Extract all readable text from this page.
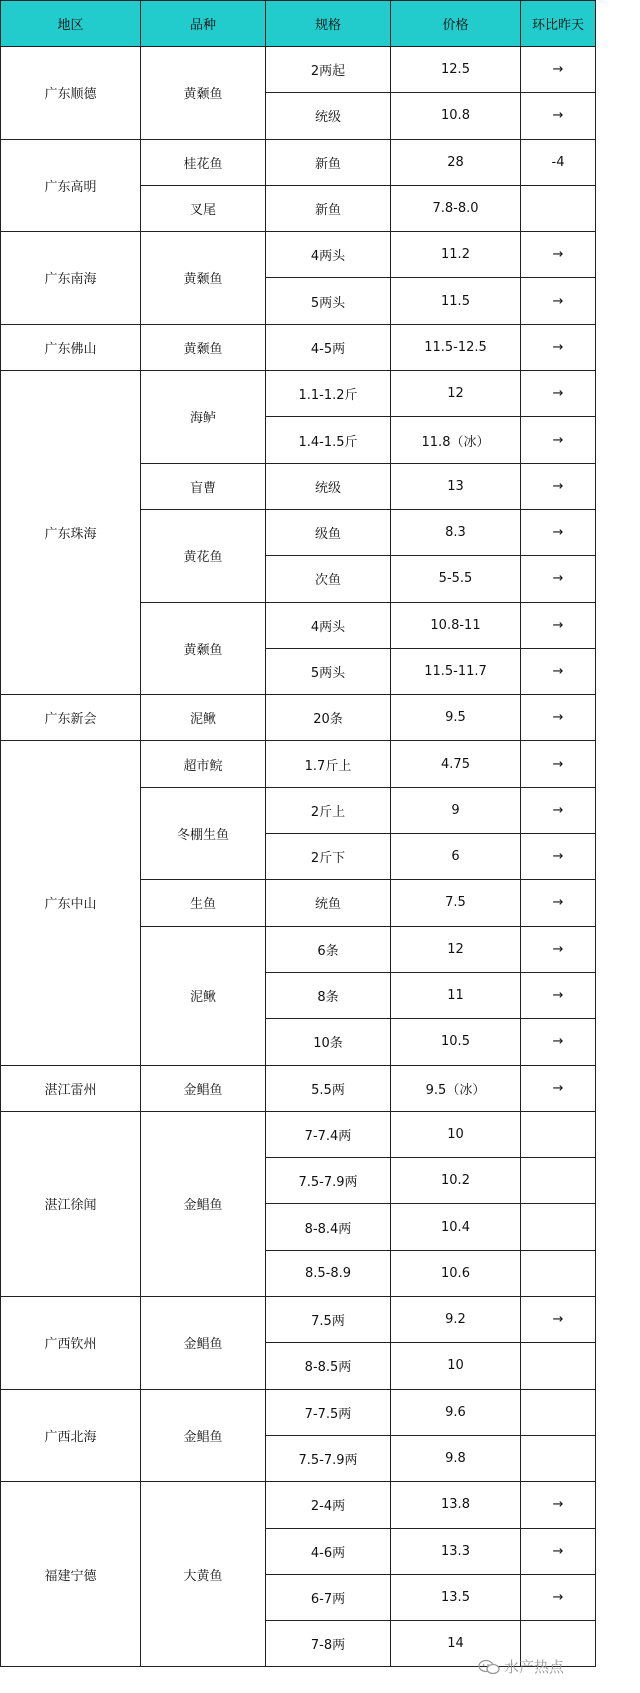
地区	品种	规格	价格	环比昨天
广东顺德	黄颡鱼	2两起	12.5	→
		统级	10.8	→
广东高明	桂花鱼	新鱼	28	-4
	叉尾	新鱼	7.8-8.0	
广东南海	黄颡鱼	4两头	11.2	→
		5两头	11.5	→
广东佛山	黄颡鱼	4-5两	11.5-12.5	→
广东珠海	海鲈	1.1-1.2斤	12	→
		1.4-1.5斤	11.8（冰）	→
	盲曹	统级	13	→
	黄花鱼	级鱼	8.3	→
		次鱼	5-5.5	→
	黄颡鱼	4两头	10.8-11	→
		5两头	11.5-11.7	→
广东新会	泥鳅	20条	9.5	→
广东中山	超市鲩	1.7斤上	4.75	→
	冬棚生鱼	2斤上	9	→
		2斤下	6	→
	生鱼	统鱼	7.5	→
	泥鳅	6条	12	→
		8条	11	→
		10条	10.5	→
湛江雷州	金鲳鱼	5.5两	9.5（冰）	→
湛江徐闻	金鲳鱼	7-7.4两	10	
		7.5-7.9两	10.2	
		8-8.4两	10.4	
		8.5-8.9	10.6	
广西钦州	金鲳鱼	7.5两	9.2	→
		8-8.5两	10	
广西北海	金鲳鱼	7-7.5两	9.6	
		7.5-7.9两	9.8	
福建宁德	大黄鱼	2-4两	13.8	→
		4-6两	13.3	→
		6-7两	13.5	→
		7-8两	14	
水产热点
